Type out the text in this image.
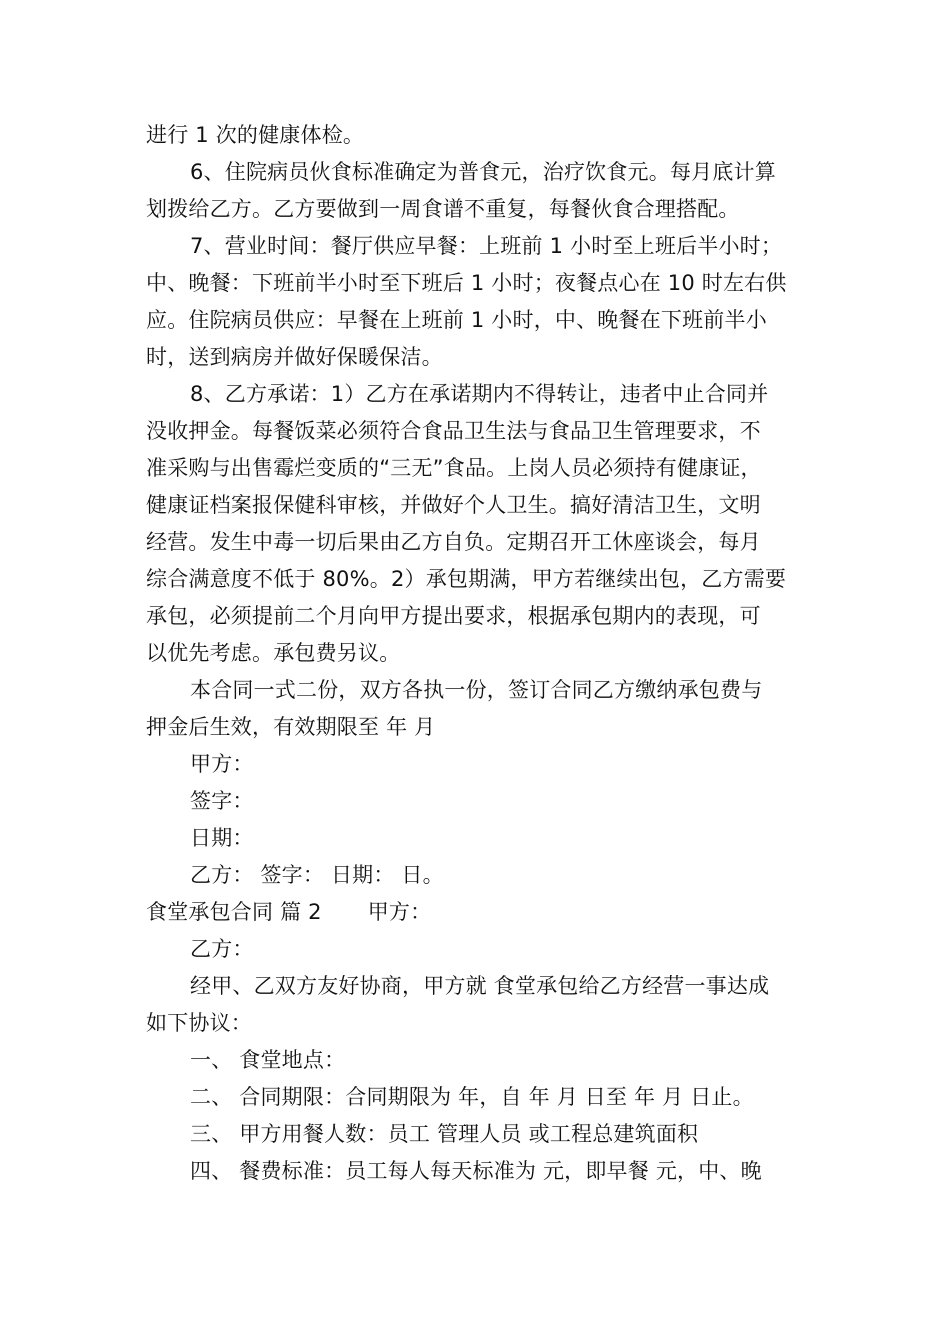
进行 1 次的健康体检。
6、住院病员伙食标准确定为普食元，治疗饮食元。每月底计算
划拨给乙方。乙方要做到一周食谱不重复，每餐伙食合理搭配。
7、营业时间：餐厅供应早餐：上班前 1 小时至上班后半小时；
中、晚餐：下班前半小时至下班后 1 小时；夜餐点心在 10 时左右供
应。住院病员供应：早餐在上班前 1 小时，中、晚餐在下班前半小
时，送到病房并做好保暖保洁。
8、乙方承诺：1）乙方在承诺期内不得转让，违者中止合同并
没收押金。每餐饭菜必须符合食品卫生法与食品卫生管理要求，不
准采购与出售霉烂变质的“三无”食品。上岗人员必须持有健康证，
健康证档案报保健科审核，并做好个人卫生。搞好清洁卫生，文明
经营。发生中毒一切后果由乙方自负。定期召开工休座谈会，每月
综合满意度不低于 80%。2）承包期满，甲方若继续出包，乙方需要
承包，必须提前二个月向甲方提出要求，根据承包期内的表现，可
以优先考虑。承包费另议。
本合同一式二份，双方各执一份，签订合同乙方缴纳承包费与
押金后生效，有效期限至 年 月
甲方：
签字：
日期：
乙方： 签字： 日期： 日。
食堂承包合同 篇 2 甲方：
乙方：
经甲、乙双方友好协商，甲方就 食堂承包给乙方经营一事达成
如下协议：
一、 食堂地点：
二、 合同期限：合同期限为 年，自 年 月 日至 年 月 日止。
三、 甲方用餐人数：员工 管理人员 或工程总建筑面积
四、 餐费标准：员工每人每天标准为 元，即早餐 元，中、晚
